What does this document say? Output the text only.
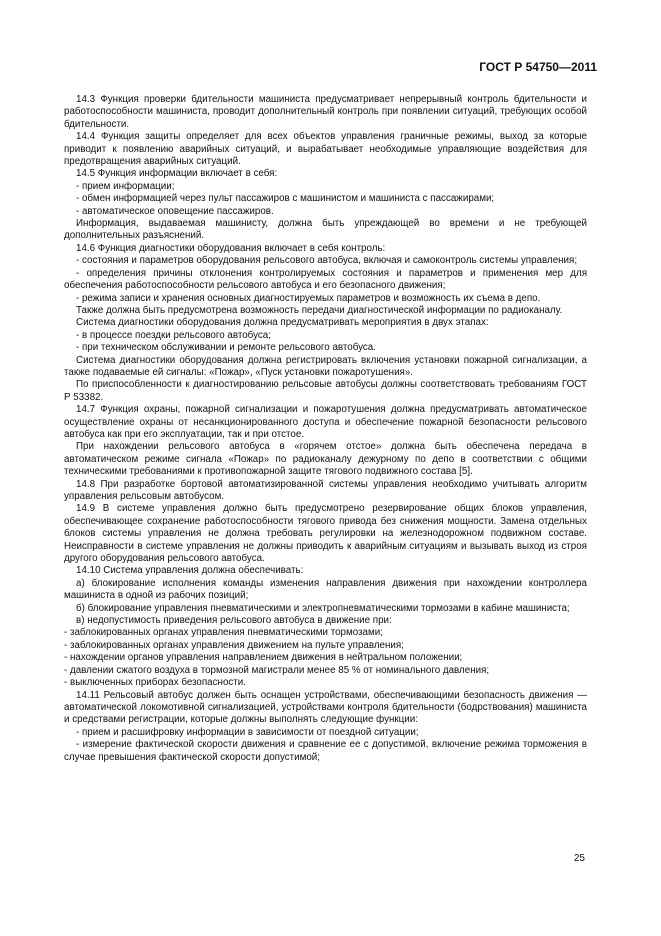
ГОСТ Р 54750—2011

14.3 Функция проверки бдительности машиниста предусматривает непрерывный контроль бдительности и работоспособности машиниста, проводит дополнительный контроль при появлении ситуаций, требующих особой бдительности.

14.4 Функция защиты определяет для всех объектов управления граничные режимы, выход за которые приводит к появлению аварийных ситуаций, и вырабатывает необходимые управляющие воздействия для предотвращения аварийных ситуаций.

14.5 Функция информации включает в себя:

- прием информации;

- обмен информацией через пульт пассажиров с машинистом и машиниста с пассажирами;

- автоматическое оповещение пассажиров.

Информация, выдаваемая машинисту, должна быть упреждающей во времени и не требующей дополнительных разъяснений.

14.6 Функция диагностики оборудования включает в себя контроль:

- состояния и параметров оборудования рельсового автобуса, включая и самоконтроль системы управления;

- определения причины отклонения контролируемых состояния и параметров и применения мер для обеспечения работоспособности рельсового автобуса и его безопасного движения;

- режима записи и хранения основных диагностируемых параметров и возможность их съема в депо.

Также должна быть предусмотрена возможность передачи диагностической информации по радиоканалу.

Система диагностики оборудования должна предусматривать мероприятия в двух этапах:

- в процессе поездки рельсового автобуса;

- при техническом обслуживании и ремонте рельсового автобуса.

Система диагностики оборудования должна регистрировать включения установки пожарной сигнализации, а также подаваемые ей сигналы: «Пожар», «Пуск установки пожаротушения».

По приспособленности к диагностированию рельсовые автобусы должны соответствовать требованиям ГОСТ Р 53382.

14.7 Функция охраны, пожарной сигнализации и пожаротушения должна предусматривать автоматическое осуществление охраны от несанкционированного доступа и обеспечение пожарной безопасности рельсового автобуса как при его эксплуатации, так и при отстое.

При нахождении рельсового автобуса в «горячем отстое» должна быть обеспечена передача в автоматическом режиме сигнала «Пожар» по радиоканалу дежурному по депо в соответствии с общими техническими требованиями к противопожарной защите тягового подвижного состава [5].

14.8 При разработке бортовой автоматизированной системы управления необходимо учитывать алгоритм управления рельсовым автобусом.

14.9 В системе управления должно быть предусмотрено резервирование общих блоков управления, обеспечивающее сохранение работоспособности тягового привода без снижения мощности. Замена отдельных блоков системы управления не должна требовать регулировки на железнодорожном подвижном составе. Неисправности в системе управления не должны приводить к аварийным ситуациям и вызывать выход из строя другого оборудования рельсового автобуса.

14.10 Система управления должна обеспечивать:

а) блокирование исполнения команды изменения направления движения при нахождении контроллера машиниста в одной из рабочих позиций;

б) блокирование управления пневматическими и электропневматическими тормозами в кабине машиниста;

в) недопустимость приведения рельсового автобуса в движение при:

- заблокированных органах управления пневматическими тормозами;

- заблокированных органах управления движением на пульте управления;

- нахождении органов управления направлением движения в нейтральном положении;

- давлении сжатого воздуха в тормозной магистрали менее 85 % от номинального давления;

- выключенных приборах безопасности.

14.11 Рельсовый автобус должен быть оснащен устройствами, обеспечивающими безопасность движения — автоматической локомотивной сигнализацией, устройствами контроля бдительности (бодрствования) машиниста и средствами регистрации, которые должны выполнять следующие функции:

- прием и расшифровку информации в зависимости от поездной ситуации;

- измерение фактической скорости движения и сравнение ее с допустимой, включение режима торможения в случае превышения фактической скорости допустимой;

25
